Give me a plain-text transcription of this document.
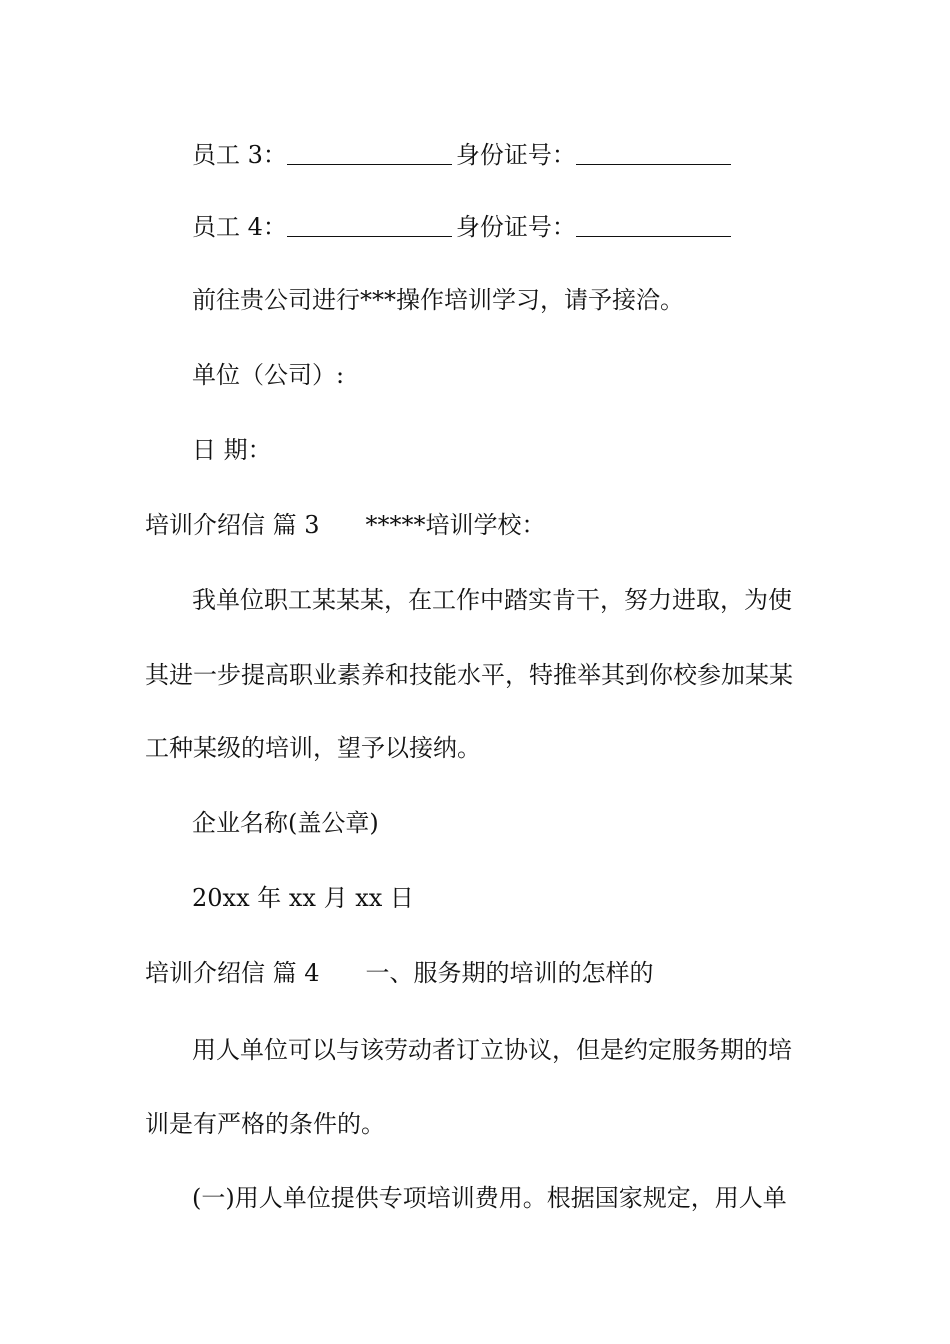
员工 3：	身份证号：
员工 4：	身份证号：
前往贵公司进行***操作培训学习，请予接洽。
单位（公司）:
日 期：
培训介绍信 篇 3 *****培训学校：
我单位职工某某某，在工作中踏实肯干，努力进取，为使
其进一步提高职业素养和技能水平，特推举其到你校参加某某
工种某级的培训，望予以接纳。
企业名称(盖公章)
20xx 年 xx 月 xx 日
培训介绍信 篇 4 一、服务期的培训的怎样的
用人单位可以与该劳动者订立协议，但是约定服务期的培
训是有严格的条件的。
(一)用人单位提供专项培训费用。根据国家规定，用人单
